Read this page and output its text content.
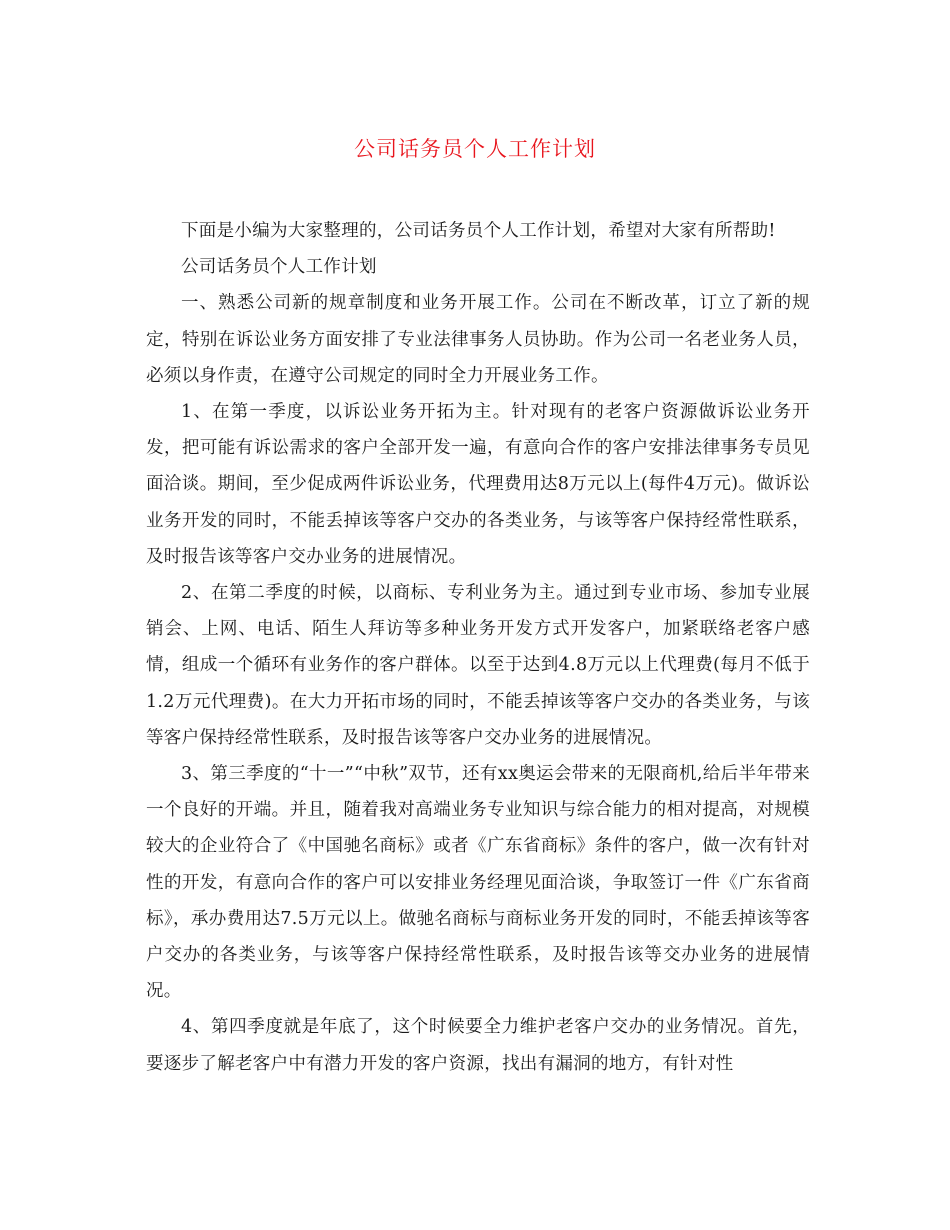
公司话务员个人工作计划

下面是小编为大家整理的，公司话务员个人工作计划，希望对大家有所帮助!

公司话务员个人工作计划

一、熟悉公司新的规章制度和业务开展工作。公司在不断改革，订立了新的规定，特别在诉讼业务方面安排了专业法律事务人员协助。作为公司一名老业务人员，必须以身作责，在遵守公司规定的同时全力开展业务工作。

1、在第一季度，以诉讼业务开拓为主。针对现有的老客户资源做诉讼业务开发，把可能有诉讼需求的客户全部开发一遍，有意向合作的客户安排法律事务专员见面洽谈。期间，至少促成两件诉讼业务，代理费用达8万元以上(每件4万元)。做诉讼业务开发的同时，不能丢掉该等客户交办的各类业务，与该等客户保持经常性联系，及时报告该等客户交办业务的进展情况。

2、在第二季度的时候，以商标、专利业务为主。通过到专业市场、参加专业展销会、上网、电话、陌生人拜访等多种业务开发方式开发客户，加紧联络老客户感情，组成一个循环有业务作的客户群体。以至于达到4.8万元以上代理费(每月不低于1.2万元代理费)。在大力开拓市场的同时，不能丢掉该等客户交办的各类业务，与该等客户保持经常性联系，及时报告该等客户交办业务的进展情况。

3、第三季度的“十一”“中秋”双节，还有xx奥运会带来的无限商机,给后半年带来一个良好的开端。并且，随着我对高端业务专业知识与综合能力的相对提高，对规模较大的企业符合了《中国驰名商标》或者《广东省商标》条件的客户，做一次有针对性的开发，有意向合作的客户可以安排业务经理见面洽谈，争取签订一件《广东省商标》，承办费用达7.5万元以上。做驰名商标与商标业务开发的同时，不能丢掉该等客户交办的各类业务，与该等客户保持经常性联系，及时报告该等交办业务的进展情况。

4、第四季度就是年底了，这个时候要全力维护老客户交办的业务情况。首先，要逐步了解老客户中有潜力开发的客户资源，找出有漏洞的地方，有针对性
